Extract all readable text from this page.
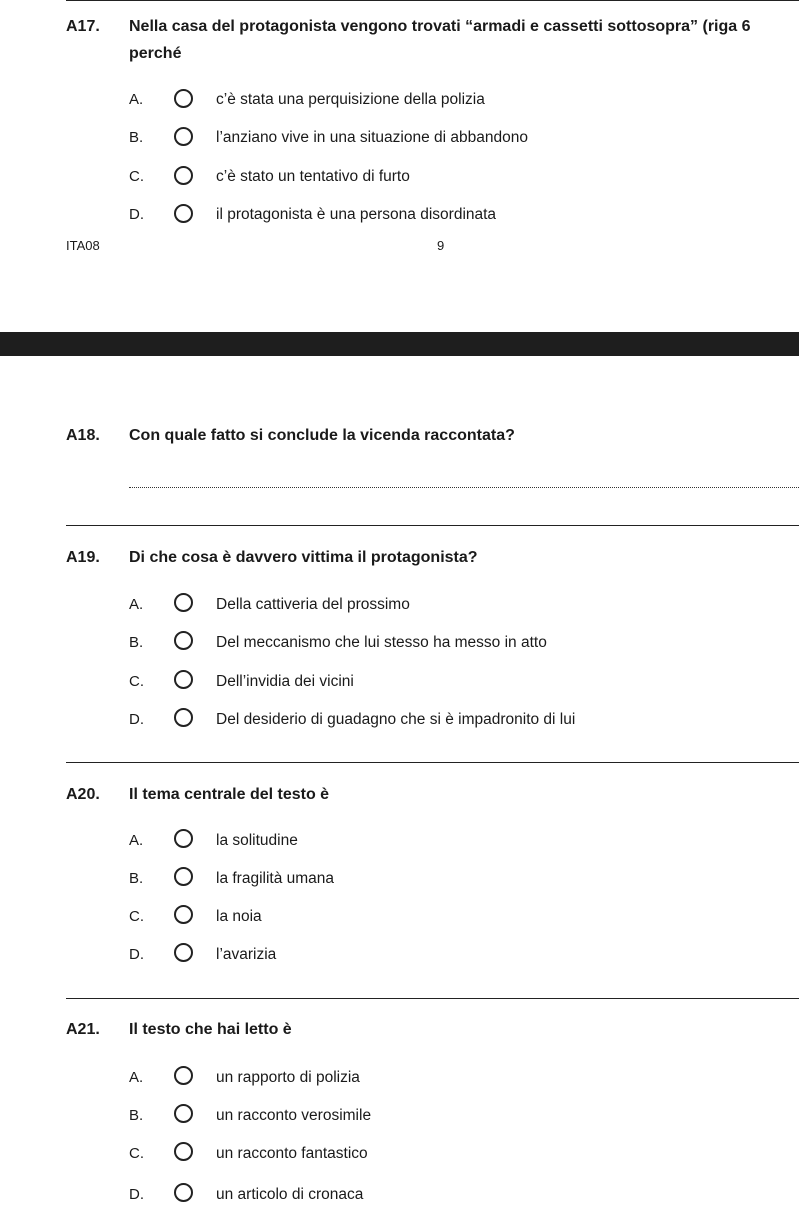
A17. Nella casa del protagonista vengono trovati “armadi e cassetti sottosopra” (riga 6
perché
A.	c’è stata una perquisizione della polizia
B.	l’anziano vive in una situazione di abbandono
C.	c’è stato un tentativo di furto
D.	il protagonista è una persona disordinata
ITA08	9
A18. Con quale fatto si conclude la vicenda raccontata?
A19. Di che cosa è davvero vittima il protagonista?
A.	Della cattiveria del prossimo
B.	Del meccanismo che lui stesso ha messo in atto
C.	Dell’invidia dei vicini
D.	Del desiderio di guadagno che si è impadronito di lui
A20. Il tema centrale del testo è
A.	la solitudine
B.	la fragilità umana
C.	la noia
D.	l’avarizia
A21. Il testo che hai letto è
A.	un rapporto di polizia
B.	un racconto verosimile
C.	un racconto fantastico
D.	un articolo di cronaca
